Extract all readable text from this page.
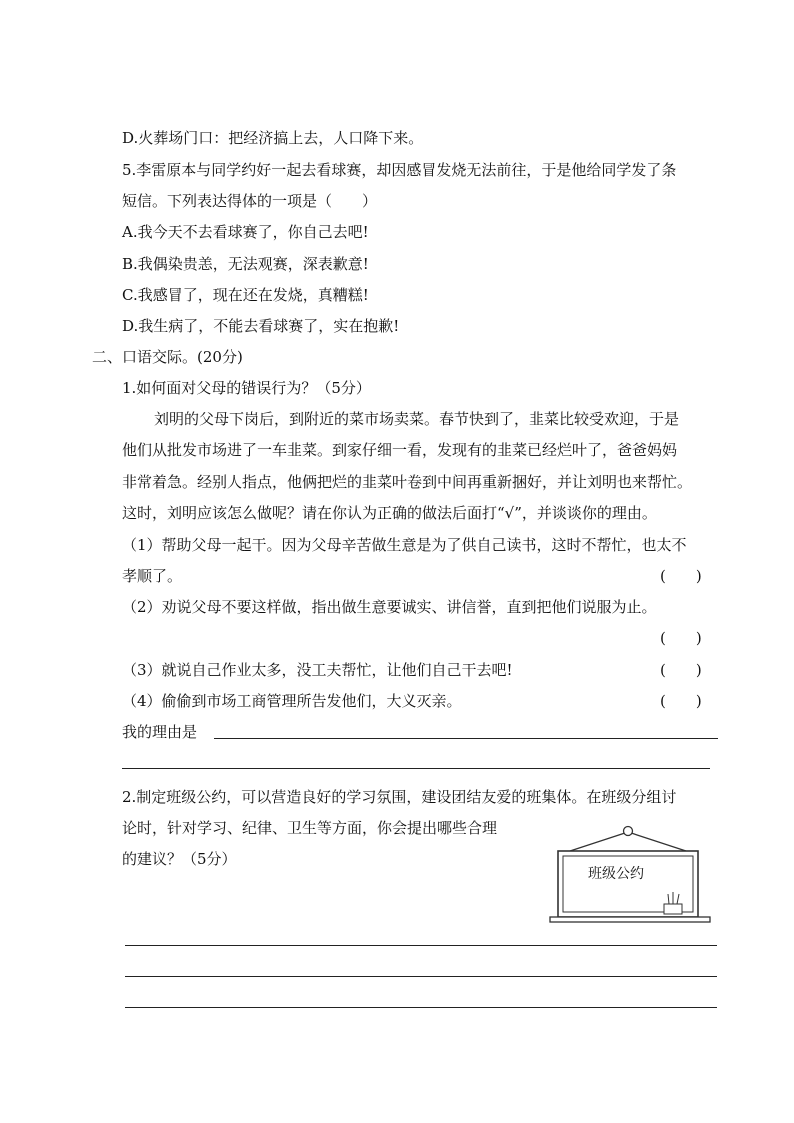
D.火葬场门口：把经济搞上去，人口降下来。
5.李雷原本与同学约好一起去看球赛，却因感冒发烧无法前往，于是他给同学发了条
短信。下列表达得体的一项是（　　）
A.我今天不去看球赛了，你自己去吧!
B.我偶染贵恙，无法观赛，深表歉意!
C.我感冒了，现在还在发烧，真糟糕!
D.我生病了，不能去看球赛了，实在抱歉!
二、口语交际。(20分)
1.如何面对父母的错误行为？（5分）
刘明的父母下岗后，到附近的菜市场卖菜。春节快到了，韭菜比较受欢迎，于是
他们从批发市场进了一车韭菜。到家仔细一看，发现有的韭菜已经烂叶了，爸爸妈妈
非常着急。经别人指点，他俩把烂的韭菜叶卷到中间再重新捆好，并让刘明也来帮忙。
这时，刘明应该怎么做呢？请在你认为正确的做法后面打“√”，并谈谈你的理由。
（1）帮助父母一起干。因为父母辛苦做生意是为了供自己读书，这时不帮忙，也太不
孝顺了。	(　　)
（2）劝说父母不要这样做，指出做生意要诚实、讲信誉，直到把他们说服为止。
(　　)
（3）就说自己作业太多，没工夫帮忙，让他们自己干去吧!	(　　)
（4）偷偷到市场工商管理所告发他们，大义灭亲。	(　　)
我的理由是
2.制定班级公约，可以营造良好的学习氛围，建设团结友爱的班集体。在班级分组讨
论时，针对学习、纪律、卫生等方面，你会提出哪些合理
的建议？（5分）
班级公约
